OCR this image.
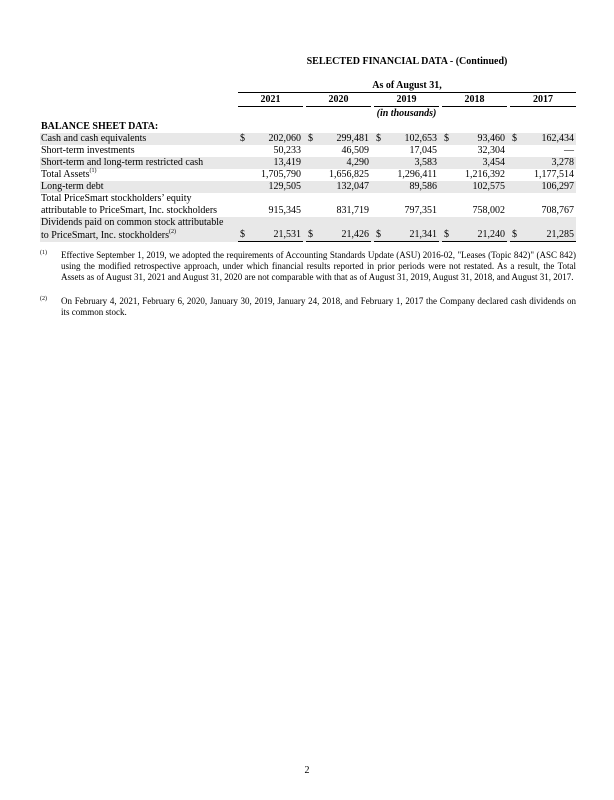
SELECTED FINANCIAL DATA - (Continued)
As of August 31,
	2021			2020			2019			2018			2017	
							(in thousands)							
BALANCE SHEET DATA:														
Cash and cash equivalents	$	202,060		$	299,481		$	102,653		$	93,460		$	162,434
Short-term investments		50,233			46,509			17,045			32,304			—
Short-term and long-term restricted cash		13,419			4,290			3,583			3,454			3,278
Total Assets$^{(1)}$		1,705,790			1,656,825			1,296,411			1,216,392			1,177,514
Long-term debt		129,505			132,047			89,586			102,575			106,297
Total PriceSmart stockholders’ equity														
attributable to PriceSmart, Inc. stockholders		915,345			831,719			797,351			758,002			708,767
Dividends paid on common stock attributable														
to PriceSmart, Inc. stockholders$^{(2)}$	$	21,531		$	21,426		$	21,341		$	21,240		$	21,285
(1) Effective September 1, 2019, we adopted the requirements of Accounting Standards Update (ASU) 2016-02, "Leases (Topic 842)" (ASC 842) using the modified retrospective approach, under which financial results reported in prior periods were not restated. As a result, the Total Assets as of August 31, 2021 and August 31, 2020 are not comparable with that as of August 31, 2019, August 31, 2018, and August 31, 2017.
(2) On February 4, 2021, February 6, 2020, January 30, 2019, January 24, 2018, and February 1, 2017 the Company declared cash dividends on its common stock.
2
